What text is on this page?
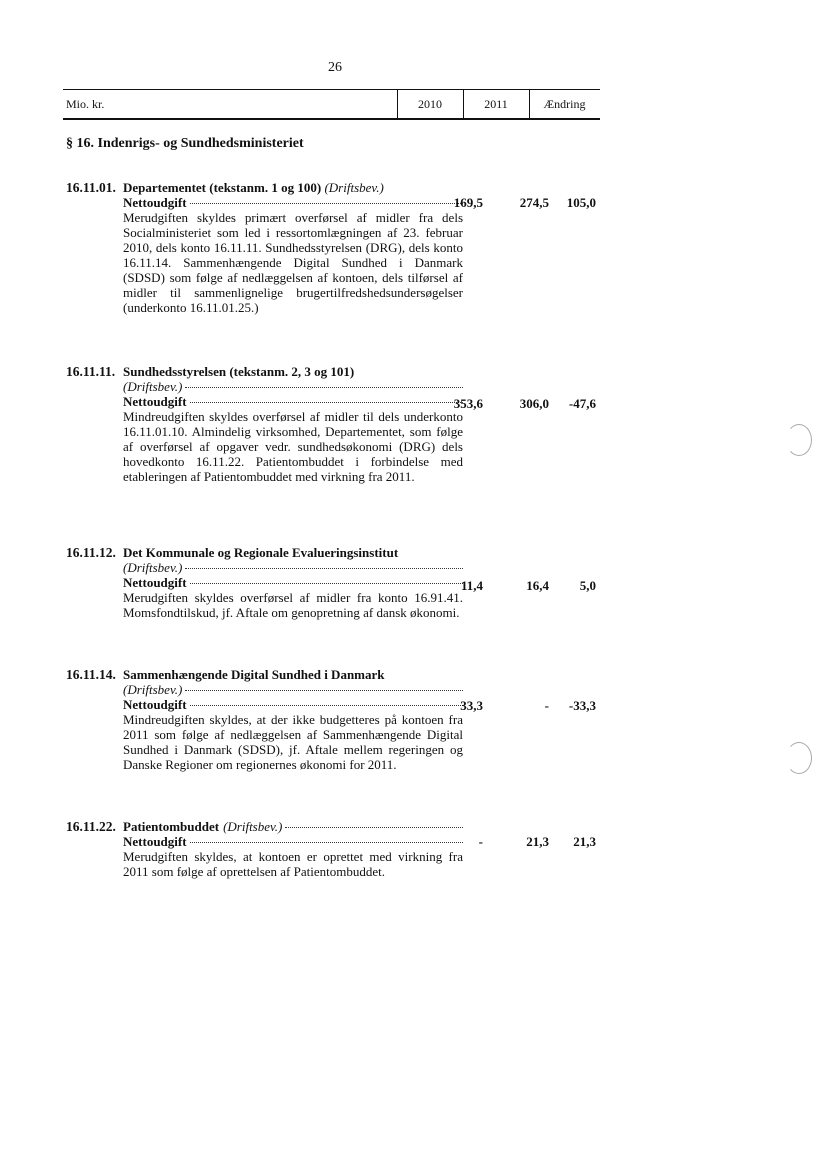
26
Mio. kr.	2010	2011	Ændring
§ 16. Indenrigs- og Sundhedsministeriet
16.11.01. Departementet (tekstanm. 1 og 100) (Driftsbev.)
Nettoudgift
Merudgiften skyldes primært overførsel af midler fra dels Socialministeriet som led i ressortomlægningen af 23. februar 2010, dels konto 16.11.11. Sundhedsstyrelsen (DRG), dels konto 16.11.14. Sammenhængende Digital Sundhed i Danmark (SDSD) som følge af nedlæggelsen af kontoen, dels tilførsel af midler til sammenlignelige brugertilfredshedsundersøgelser (underkonto 16.11.01.25.)
169,5	274,5	105,0
16.11.11. Sundhedsstyrelsen (tekstanm. 2, 3 og 101)
(Driftsbev.)
Nettoudgift
Mindreudgiften skyldes overførsel af midler til dels underkonto 16.11.01.10. Almindelig virksomhed, Departementet, som følge af overførsel af opgaver vedr. sundhedsøkonomi (DRG) dels hovedkonto 16.11.22. Patientombuddet i forbindelse med etableringen af Patientombuddet med virkning fra 2011.
353,6	306,0	-47,6
16.11.12. Det Kommunale og Regionale Evalueringsinstitut
(Driftsbev.)
Nettoudgift
Merudgiften skyldes overførsel af midler fra konto 16.91.41. Momsfondtilskud, jf. Aftale om genopretning af dansk økonomi.
11,4	16,4	5,0
16.11.14. Sammenhængende Digital Sundhed i Danmark
(Driftsbev.)
Nettoudgift
Mindreudgiften skyldes, at der ikke budgetteres på kontoen fra 2011 som følge af nedlæggelsen af Sammenhængende Digital Sundhed i Danmark (SDSD), jf. Aftale mellem regeringen og Danske Regioner om regionernes økonomi for 2011.
33,3	-	-33,3
16.11.22. Patientombuddet (Driftsbev.)
Nettoudgift
Merudgiften skyldes, at kontoen er oprettet med virkning fra 2011 som følge af oprettelsen af Patientombuddet.
-	21,3	21,3
